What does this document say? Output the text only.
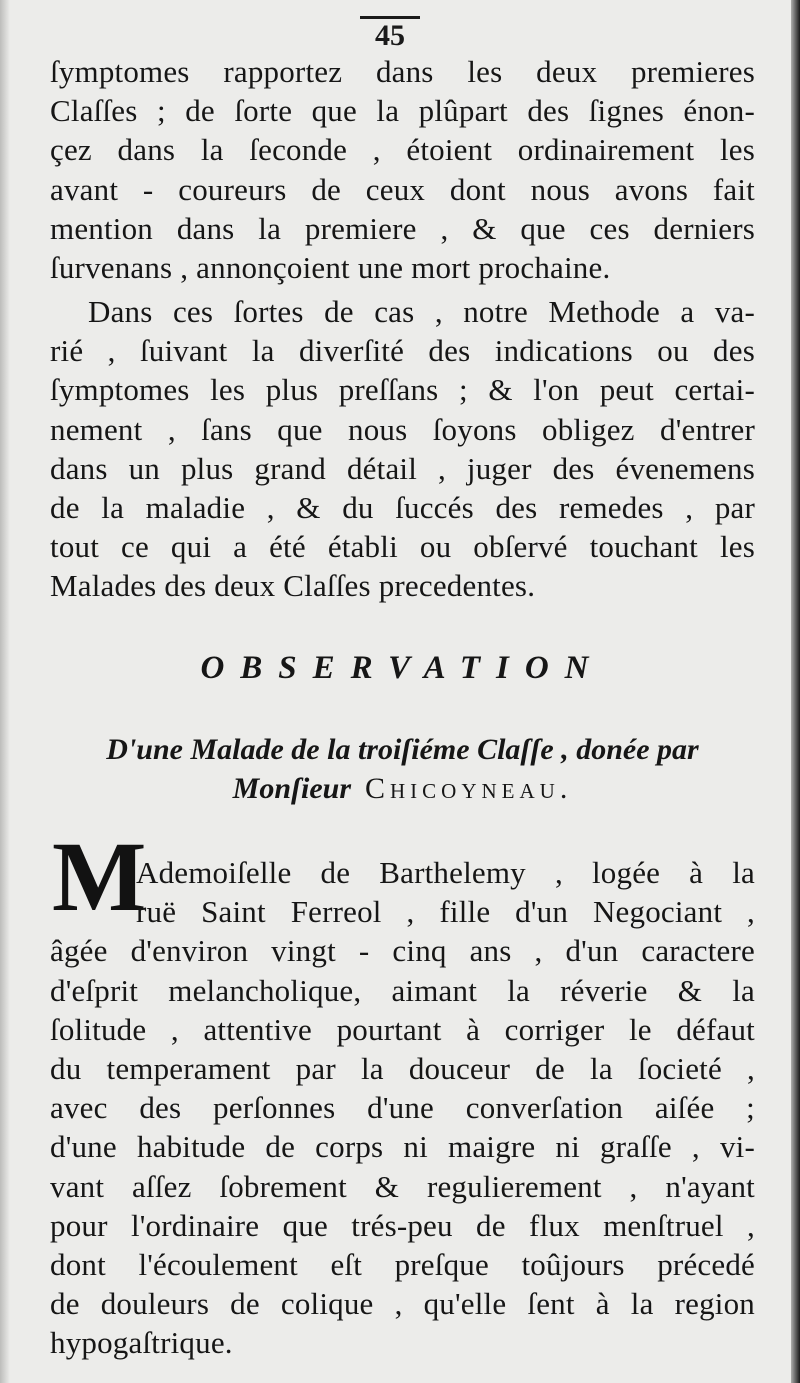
45
ſymptomes rapportez dans les deux premieres
Claſſes ; de ſorte que la plûpart des ſignes énon-
çez dans la ſeconde , étoient ordinairement les
avant - coureurs de ceux dont nous avons fait
mention dans la premiere , & que ces derniers
ſurvenans , annonçoient une mort prochaine.
Dans ces ſortes de cas , notre Methode a va-
rié , ſuivant la diverſité des indications ou des
ſymptomes les plus preſſans ; & l'on peut certai-
nement , ſans que nous ſoyons obligez d'entrer
dans un plus grand détail , juger des évenemens
de la maladie , & du ſuccés des remedes , par
tout ce qui a été établi ou obſervé touchant les
Malades des deux Claſſes precedentes.
OBSERVATION
D'une Malade de la troiſiéme Claſſe , donée par
Monſieur Chicoyneau.
M
Ademoiſelle de Barthelemy , logée à la
ruë Saint Ferreol , fille d'un Negociant ,
âgée d'environ vingt - cinq ans , d'un caractere
d'eſprit melancholique, aimant la réverie & la
ſolitude , attentive pourtant à corriger le défaut
du temperament par la douceur de la ſocieté ,
avec des perſonnes d'une converſation aiſée ;
d'une habitude de corps ni maigre ni graſſe , vi-
vant aſſez ſobrement & regulierement , n'ayant
pour l'ordinaire que trés-peu de flux menſtruel ,
dont l'écoulement eſt preſque toûjours précedé
de douleurs de colique , qu'elle ſent à la region
hypogaſtrique.
